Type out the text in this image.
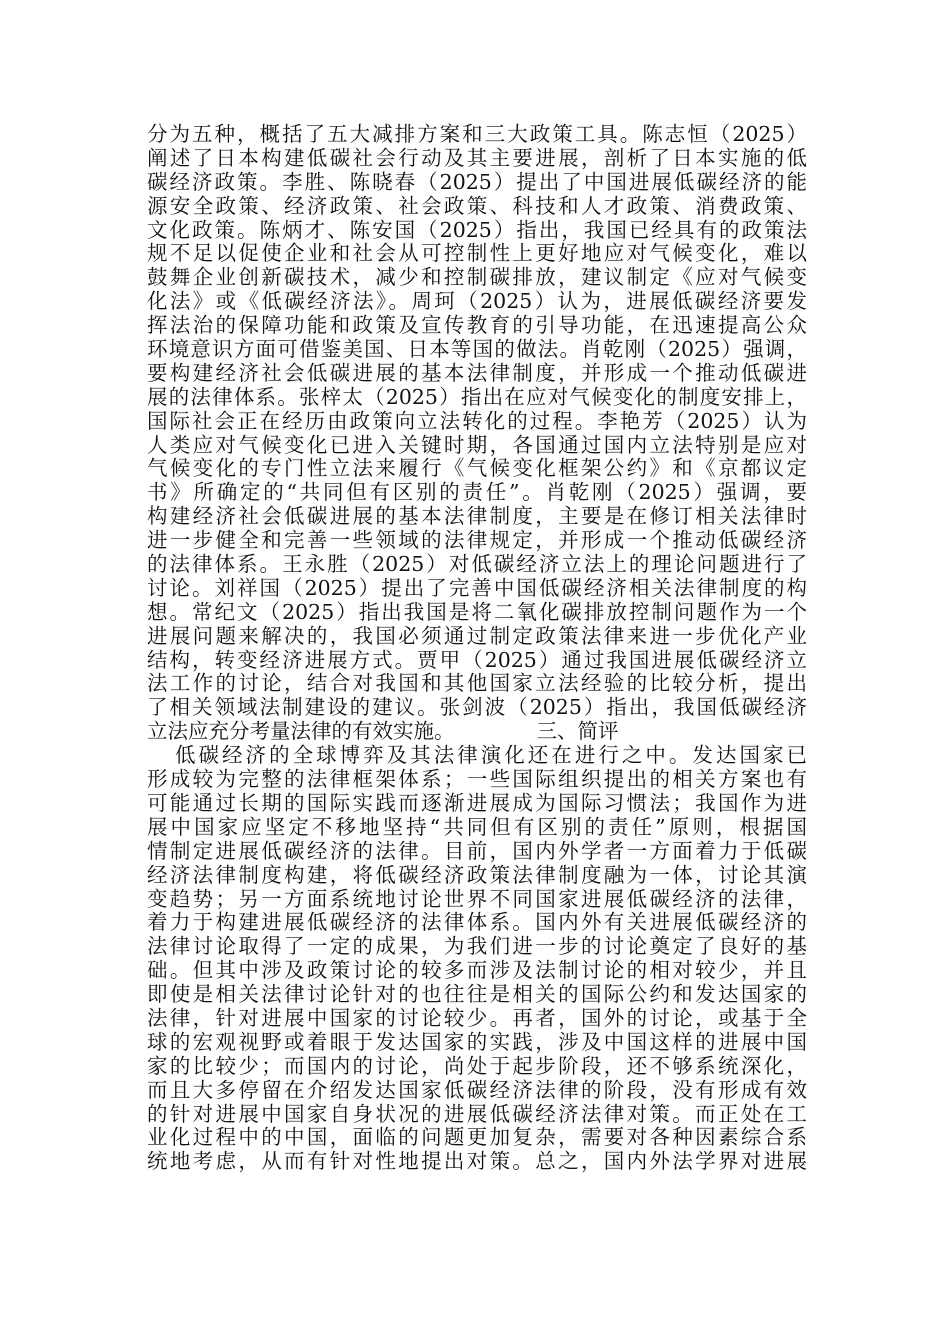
分为五种，概括了五大减排方案和三大政策工具。陈志恒（2025）
阐述了日本构建低碳社会行动及其主要进展，剖析了日本实施的低
碳经济政策。李胜、陈晓春（2025）提出了中国进展低碳经济的能
源安全政策、经济政策、社会政策、科技和人才政策、消费政策、
文化政策。陈炳才、陈安国（2025）指出，我国已经具有的政策法
规不足以促使企业和社会从可控制性上更好地应对气候变化，难以
鼓舞企业创新碳技术，减少和控制碳排放，建议制定《应对气候变
化法》或《低碳经济法》。周珂（2025）认为，进展低碳经济要发
挥法治的保障功能和政策及宣传教育的引导功能，在迅速提高公众
环境意识方面可借鉴美国、日本等国的做法。肖乾刚（2025）强调，
要构建经济社会低碳进展的基本法律制度，并形成一个推动低碳进
展的法律体系。张梓太（2025）指出在应对气候变化的制度安排上，
国际社会正在经历由政策向立法转化的过程。李艳芳（2025）认为
人类应对气候变化已进入关键时期，各国通过国内立法特别是应对
气候变化的专门性立法来履行《气候变化框架公约》和《京都议定
书》所确定的“共同但有区别的责任”。肖乾刚（2025）强调，要
构建经济社会低碳进展的基本法律制度，主要是在修订相关法律时
进一步健全和完善一些领域的法律规定，并形成一个推动低碳经济
的法律体系。王永胜（2025）对低碳经济立法上的理论问题进行了
讨论。刘祥国（2025）提出了完善中国低碳经济相关法律制度的构
想。常纪文（2025）指出我国是将二氧化碳排放控制问题作为一个
进展问题来解决的，我国必须通过制定政策法律来进一步优化产业
结构，转变经济进展方式。贾甲（2025）通过我国进展低碳经济立
法工作的讨论，结合对我国和其他国家立法经验的比较分析，提出
了相关领域法制建设的建议。张剑波（2025）指出，我国低碳经济
立法应充分考量法律的有效实施。	三、简评
低碳经济的全球博弈及其法律演化还在进行之中。发达国家已
形成较为完整的法律框架体系；一些国际组织提出的相关方案也有
可能通过长期的国际实践而逐渐进展成为国际习惯法；我国作为进
展中国家应坚定不移地坚持“共同但有区别的责任”原则，根据国
情制定进展低碳经济的法律。目前，国内外学者一方面着力于低碳
经济法律制度构建，将低碳经济政策法律制度融为一体，讨论其演
变趋势；另一方面系统地讨论世界不同国家进展低碳经济的法律，
着力于构建进展低碳经济的法律体系。国内外有关进展低碳经济的
法律讨论取得了一定的成果，为我们进一步的讨论奠定了良好的基
础。但其中涉及政策讨论的较多而涉及法制讨论的相对较少，并且
即使是相关法律讨论针对的也往往是相关的国际公约和发达国家的
法律，针对进展中国家的讨论较少。再者，国外的讨论，或基于全
球的宏观视野或着眼于发达国家的实践，涉及中国这样的进展中国
家的比较少；而国内的讨论，尚处于起步阶段，还不够系统深化，
而且大多停留在介绍发达国家低碳经济法律的阶段，没有形成有效
的针对进展中国家自身状况的进展低碳经济法律对策。而正处在工
业化过程中的中国，面临的问题更加复杂，需要对各种因素综合系
统地考虑，从而有针对性地提出对策。总之，国内外法学界对进展
